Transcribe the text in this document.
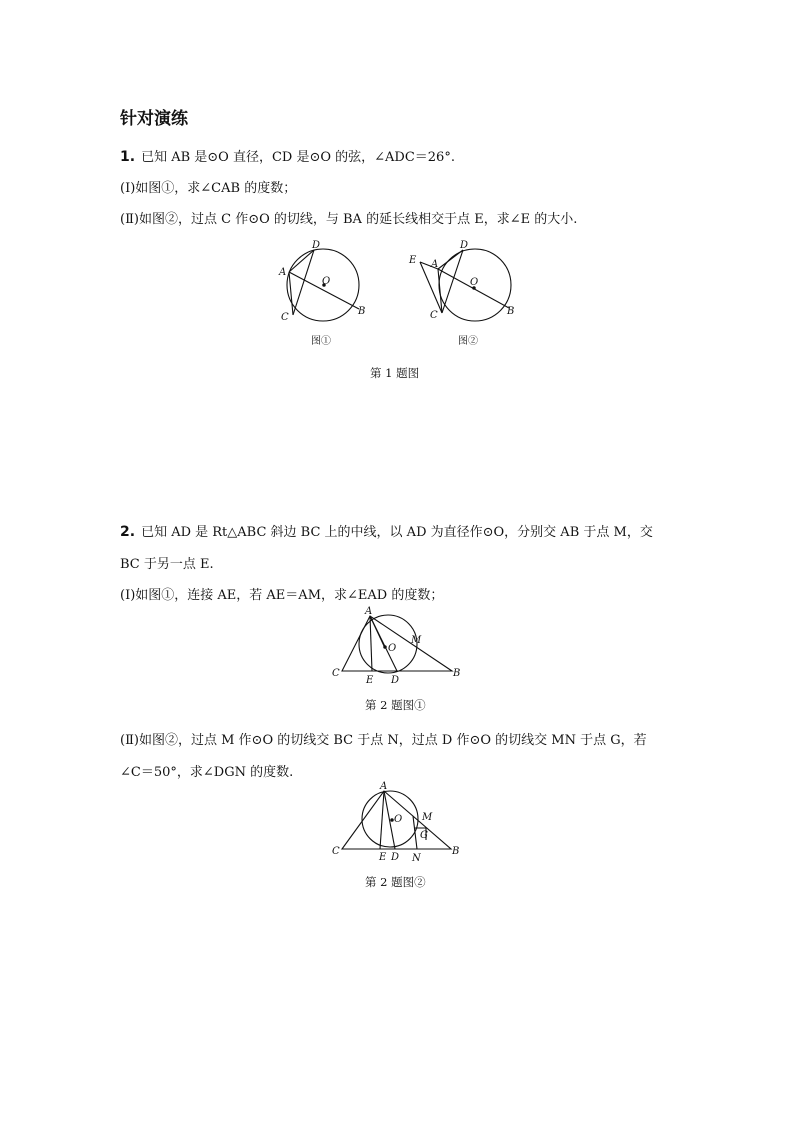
针对演练
1. 已知 AB 是⊙O 直径，CD 是⊙O 的弦，∠ADC＝26°.
(Ⅰ)如图①，求∠CAB 的度数；
(Ⅱ)如图②，过点 C 作⊙O 的切线，与 BA 的延长线相交于点 E，求∠E 的大小.
D
A
O
C
B
图①
D
E A
O
C	B
图②
第 1 题图
2. 已知 AD 是 Rt△ABC 斜边 BC 上的中线，以 AD 为直径作⊙O，分别交 AB 于点 M，交
BC 于另一点 E.
(Ⅰ)如图①，连接 AE，若 AE＝AM，求∠EAD 的度数；
A
M
O
C
E D
B
第 2 题图①
(Ⅱ)如图②，过点 M 作⊙O 的切线交 BC 于点 N，过点 D 作⊙O 的切线交 MN 于点 G，若
∠C＝50°，求∠DGN 的度数.
A
M
O
G
C
E D N
B
第 2 题图②
